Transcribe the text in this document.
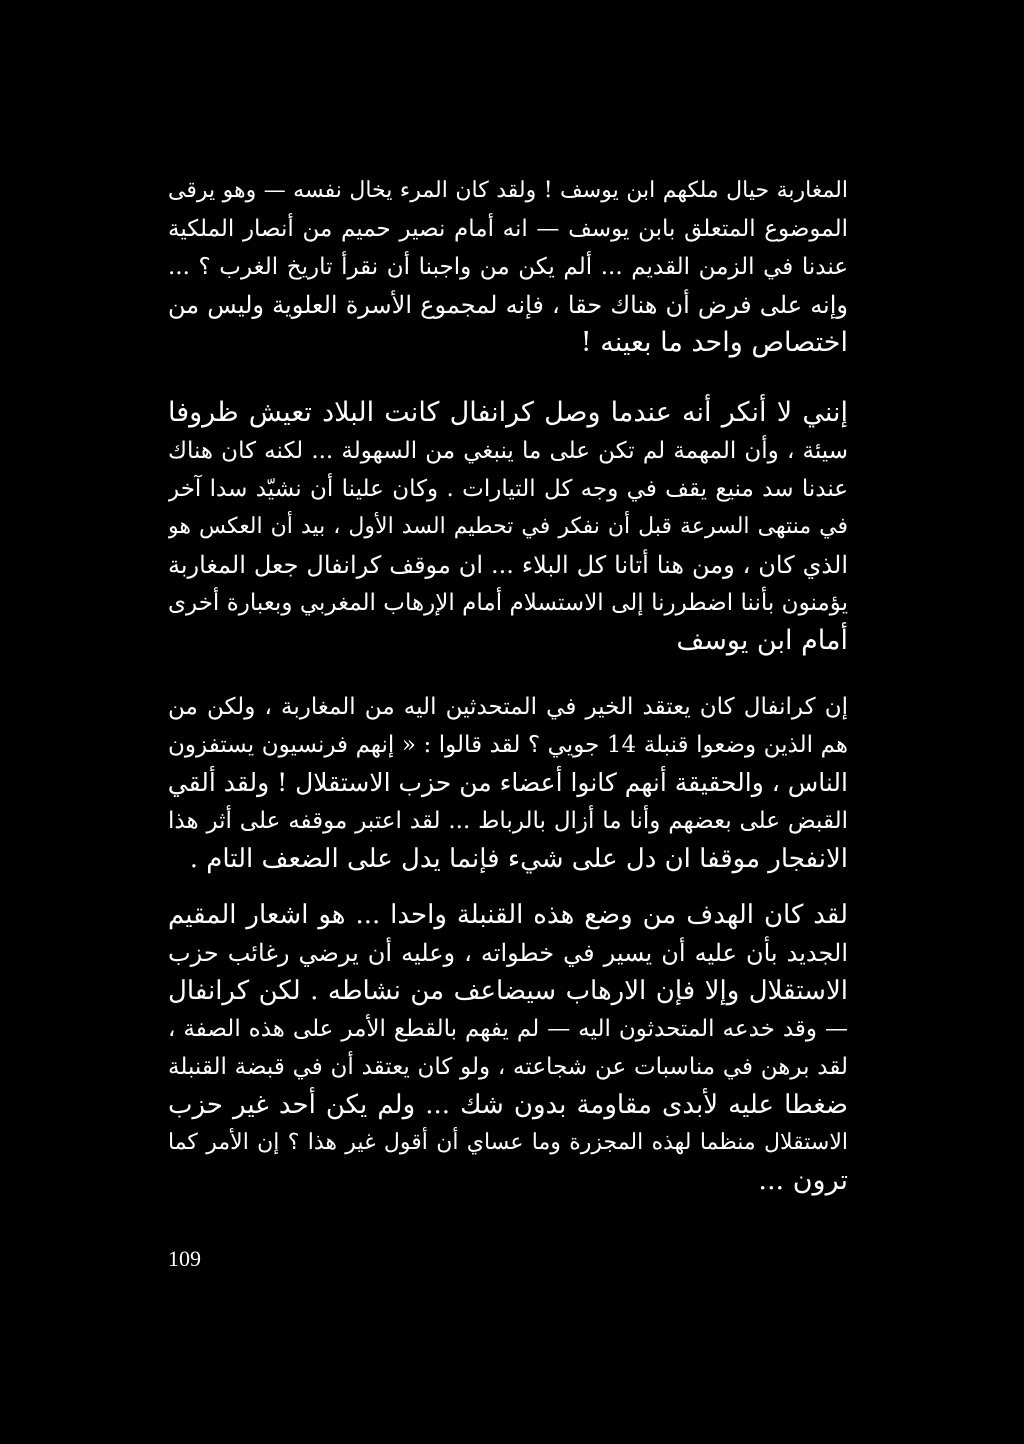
المغاربة حيال ملكهم ابن يوسف ! ولقد كان المرء يخال نفسه — وهو يرقى
الموضوع المتعلق بابن يوسف — انه أمام نصير حميم من أنصار الملكية
عندنا في الزمن القديم ... ألم يكن من واجبنا أن نقرأ تاريخ الغرب ؟ ...
وإنه على فرض أن هناك حقا ، فإنه لمجموع الأسرة العلوية وليس من
اختصاص واحد ما بعينه !
إنني لا أنكر أنه عندما وصل كرانفال كانت البلاد تعيش ظروفا
سيئة ، وأن المهمة لم تكن على ما ينبغي من السهولة ... لكنه كان هناك
عندنا سد منيع يقف في وجه كل التيارات . وكان علينا أن نشيّد سدا آخر
في منتهى السرعة قبل أن نفكر في تحطيم السد الأول ، بيد أن العكس هو
الذي كان ، ومن هنا أتانا كل البلاء ... ان موقف كرانفال جعل المغاربة
يؤمنون بأننا اضطررنا إلى الاستسلام أمام الإرهاب المغربي وبعبارة أخرى
أمام ابن يوسف
إن كرانفال كان يعتقد الخير في المتحدثين اليه من المغاربة ، ولكن من
هم الذين وضعوا قنبلة 14 جويي ؟ لقد قالوا : « إنهم فرنسيون يستفزون
الناس ، والحقيقة أنهم كانوا أعضاء من حزب الاستقلال ! ولقد ألقي
القبض على بعضهم وأنا ما أزال بالرباط ... لقد اعتبر موقفه على أثر هذا
الانفجار موقفا ان دل على شيء فإنما يدل على الضعف التام .
لقد كان الهدف من وضع هذه القنبلة واحدا ... هو اشعار المقيم
الجديد بأن عليه أن يسير في خطواته ، وعليه أن يرضي رغائب حزب
الاستقلال وإلا فإن الارهاب سيضاعف من نشاطه . لكن كرانفال
— وقد خدعه المتحدثون اليه — لم يفهم بالقطع الأمر على هذه الصفة ،
لقد برهن في مناسبات عن شجاعته ، ولو كان يعتقد أن في قبضة القنبلة
ضغطا عليه لأبدى مقاومة بدون شك ... ولم يكن أحد غير حزب
الاستقلال منظما لهذه المجزرة وما عساي أن أقول غير هذا ؟ إن الأمر كما
ترون ...
109
